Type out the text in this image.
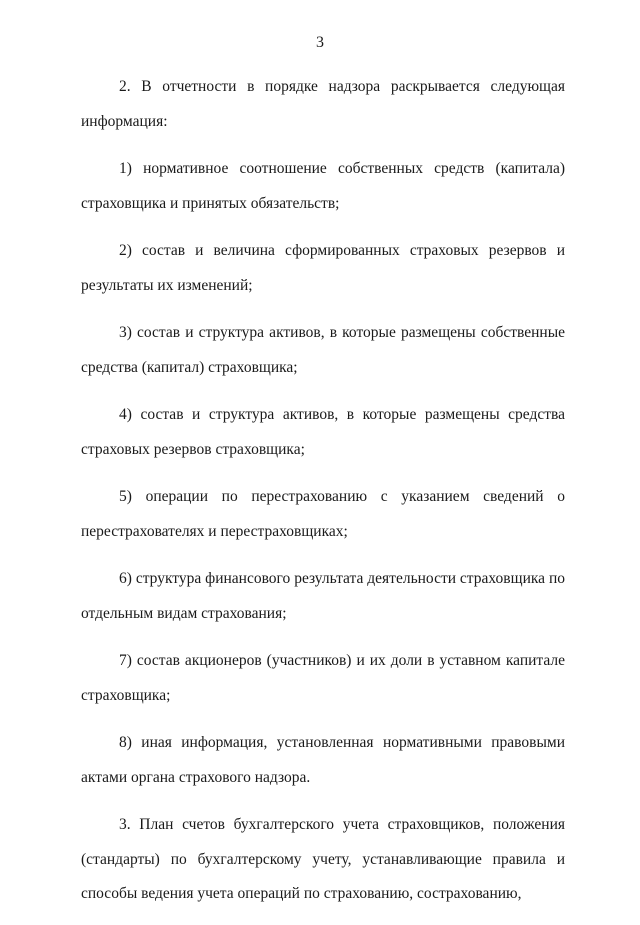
3

2. В отчетности в порядке надзора раскрывается следующая информация:

1) нормативное соотношение собственных средств (капитала) страховщика и принятых обязательств;

2) состав и величина сформированных страховых резервов и результаты их изменений;

3) состав и структура активов, в которые размещены собственные средства (капитал) страховщика;

4) состав и структура активов, в которые размещены средства страховых резервов страховщика;

5) операции по перестрахованию с указанием сведений о перестрахователях и перестраховщиках;

6) структура финансового результата деятельности страховщика по отдельным видам страхования;

7) состав акционеров (участников) и их доли в уставном капитале страховщика;

8) иная информация, установленная нормативными правовыми актами органа страхового надзора.

3. План счетов бухгалтерского учета страховщиков, положения (стандарты) по бухгалтерскому учету, устанавливающие правила и способы ведения учета операций по страхованию, сострахованию,
